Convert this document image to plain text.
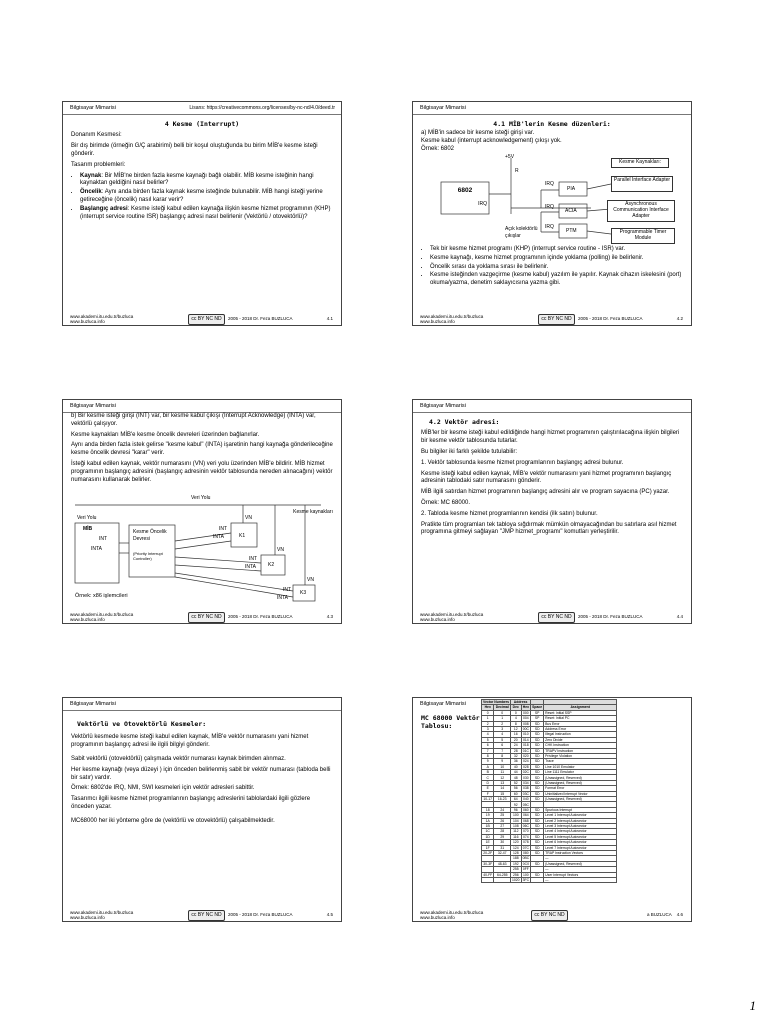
Bilgisayar Mimarisi	Lisans: https://creativecommons.org/licenses/by-nc-nd/4.0/deed.tr
4 Kesme (Interrupt)

Donanım Kesmesi:

Bir dış birimde (örneğin G/Ç arabirimi) belli bir koşul oluştuğunda bu birim MİB'e kesme isteği gönderir.

Tasarım problemleri:

• Kaynak: Bir MİB'ne birden fazla kesme kaynağı bağlı olabilir. MİB kesme isteğinin hangi kaynaktan geldiğini nasıl belirler?
• Öncelik: Aynı anda birden fazla kaynak kesme isteğinde bulunabilir. MİB hangi isteği yerine getireceğine (öncelik) nasıl karar verir?
• Başlangıç adresi: Kesme isteği kabul edilen kaynağa ilişkin kesme hizmet programının (KHP) (interrupt service routine ISR) başlangıç adresi nasıl belirlenir (Vektörlü / otovektörlü)?
www.akademi.itu.edu.tr/buzluca
www.buzluca.info	cc BY NC ND	2005 - 2018 Dr. Feza BUZLUCA	4.1
Bilgisayar Mimarisi
4.1 MİB'lerin Kesme düzenleri:

a) MİB'in sadece bir kesme isteği girişi var.

Kesme kabul (interrupt acknowledgement) çıkışı yok.

Örnek: 6802

6802
IRQ
+5V
R
IRQ
IRQ
IRQ
PIA
ACIA
PTM
Kesme Kaynakları:
Parallel Interface Adapter
Asynchronous Communication Interface Adapter
Programmable Timer Module
Açık kolektörlü çıkışlar
• Tek bir kesme hizmet programı (KHP) (interrupt service routine - ISR) var.
• Kesme kaynağı, kesme hizmet programının içinde yoklama (polling) ile belirlenir.
• Öncelik sırası da yoklama sırası ile belirlenir.
• Kesme isteğinden vazgeçirme (kesme kabul) yazılım ile yapılır. Kaynak cihazın iskelesini (port) okuma/yazma, denetim saklayıcısına yazma gibi.
www.akademi.itu.edu.tr/buzluca
www.buzluca.info	cc BY NC ND	2005 - 2018 Dr. Feza BUZLUCA	4.2
Bilgisayar Mimarisi

b) Bir kesme isteği girişi (INT) var, bir kesme kabul çıkışı (Interrupt Acknowledge) (INTA) var, vektörlü çalışıyor.

Kesme kaynakları MİB'e kesme öncelik devreleri üzerinden bağlanırlar.

Aynı anda birden fazla istek gelirse "kesme kabul" (INTA) işaretinin hangi kaynağa gönderileceğine kesme öncelik devresi "karar" verir.

İsteği kabul edilen kaynak, vektör numarasını (VN) veri yolu üzerinden MİB'e bildirir. MİB hizmet programının başlangıç adresini (başlangıç adresinin vektör tablosunda nereden alınacağını) vektör numarasını kullanarak belirler.

Veri Yolu
Veri Yolu
MİB
INT
INTA
Kesme Öncelik Devresi
(Priority Interrupt Controller)
Kesme kaynakları
INT
INTA
VN
K1
INT
INTA
VN
K2
INT
INTA
VN
K3
Örnek: x86 işlemcileri
www.akademi.itu.edu.tr/buzluca
www.buzluca.info	cc BY NC ND	2005 - 2018 Dr. Feza BUZLUCA	4.3
Bilgisayar Mimarisi
4.2 Vektör adresi:

MİB'ler bir kesme isteği kabul edildiğinde hangi hizmet programının çalıştırılacağına ilişkin bilgileri bir kesme vektör tablosunda tutarlar.

Bu bilgiler iki farklı şekilde tutulabilir:

1. Vektör tablosunda kesme hizmet programlarının başlangıç adresi bulunur.

Kesme isteği kabul edilen kaynak, MİB'e vektör numarasını yani hizmet programının başlangıç adresinin tablodaki satır numarasını gönderir.

MİB ilgili satırdan hizmet programının başlangıç adresini alır ve program sayacına (PC) yazar.

Örnek: MC 68000.

2. Tabloda kesme hizmet programlarının kendisi (ilk satırı) bulunur.

Pratikte tüm programları tek tabloya sığdırmak mümkün olmayacağından bu satırlara asıl hizmet programına gitmeyi sağlayan "JMP hizmet_programı" komutları yerleştirilir.

www.akademi.itu.edu.tr/buzluca
www.buzluca.info	cc BY NC ND	2005 - 2018 Dr. Feza BUZLUCA	4.4
Bilgisayar Mimarisi
Vektörlü ve Otovektörlü Kesmeler:

Vektörlü kesmede kesme isteği kabul edilen kaynak, MİB'e vektör numarasını yani hizmet programının başlangıç adresi ile ilgili bilgiyi gönderir.

Sabit vektörlü (otovektörlü) çalışmada vektör numarası kaynak birimden alınmaz.

Her kesme kaynağı (veya düzeyi ) için önceden belirlenmiş sabit bir vektör numarası (tabloda belli bir satır) vardır.

Örnek: 6802'de IRQ, NMI, SWI kesmeleri için vektör adresleri sabittir.

Tasarımcı ilgili kesme hizmet programlarının başlangıç adreslerini tablolardaki ilgili gözlere önceden yazar.

MC68000 her iki yönteme göre de (vektörlü ve otovektörlü) çalışabilmektedir.

www.akademi.itu.edu.tr/buzluca
www.buzluca.info	cc BY NC ND	2005 - 2018 Dr. Feza BUZLUCA	4.5
Bilgisayar Mimarisi
MC 68000 Vektör Tablosu:
Vector Numbers		Address			
Hex	Decimal	Dec	Hex	Space	Assignment
0	0	0	000	SP	Reset: Initial SSP
1	1	4	004	SP	Reset: Initial PC
2	2	8	008	SD	Bus Error
3	3	12	00C	SD	Address Error
4	4	16	010	SD	Illegal Instruction
5	5	20	014	SD	Zero Divide
6	6	24	018	SD	CHK Instruction
7	7	28	01C	SD	TRAPV Instruction
8	8	32	020	SD	Privilege Violation
9	9	36	024	SD	Trace
A	10	40	028	SD	Line 1010 Emulator
B	11	44	02C	SD	Line 1111 Emulator
C	12	48	030	SD	(Unassigned, Reserved)
D	13	52	034	SD	(Unassigned, Reserved)
E	14	56	038	SD	Format Error
F	15	60	03C	SD	Uninitialized Interrupt Vector
10-17	16-23	64	040	SD	(Unassigned, Reserved)
		92	05C		
18	24	96	060	SD	Spurious Interrupt
19	25	100	064	SD	Level 1 Interrupt Autovector
1A	26	104	068	SD	Level 2 Interrupt Autovector
1B	27	108	06C	SD	Level 3 Interrupt Autovector
1C	28	112	070	SD	Level 4 Interrupt Autovector
1D	29	116	074	SD	Level 5 Interrupt Autovector
1E	30	120	078	SD	Level 6 Interrupt Autovector
1F	31	124	07C	SD	Level 7 Interrupt Autovector
20-2F	32-47	128	080	SD	TRAP Instruction Vectors
		188	0BC		—
30-3F	48-63	192	0C0	SD	(Unassigned, Reserved)
		255	0FF		—
40-FF	64-255	256	100	SD	User Interrupt Vectors
		1020	3FC		—
www.akademi.itu.edu.tr/buzluca
www.buzluca.info	cc BY NC ND	a BUZLUCA 4.6
1
